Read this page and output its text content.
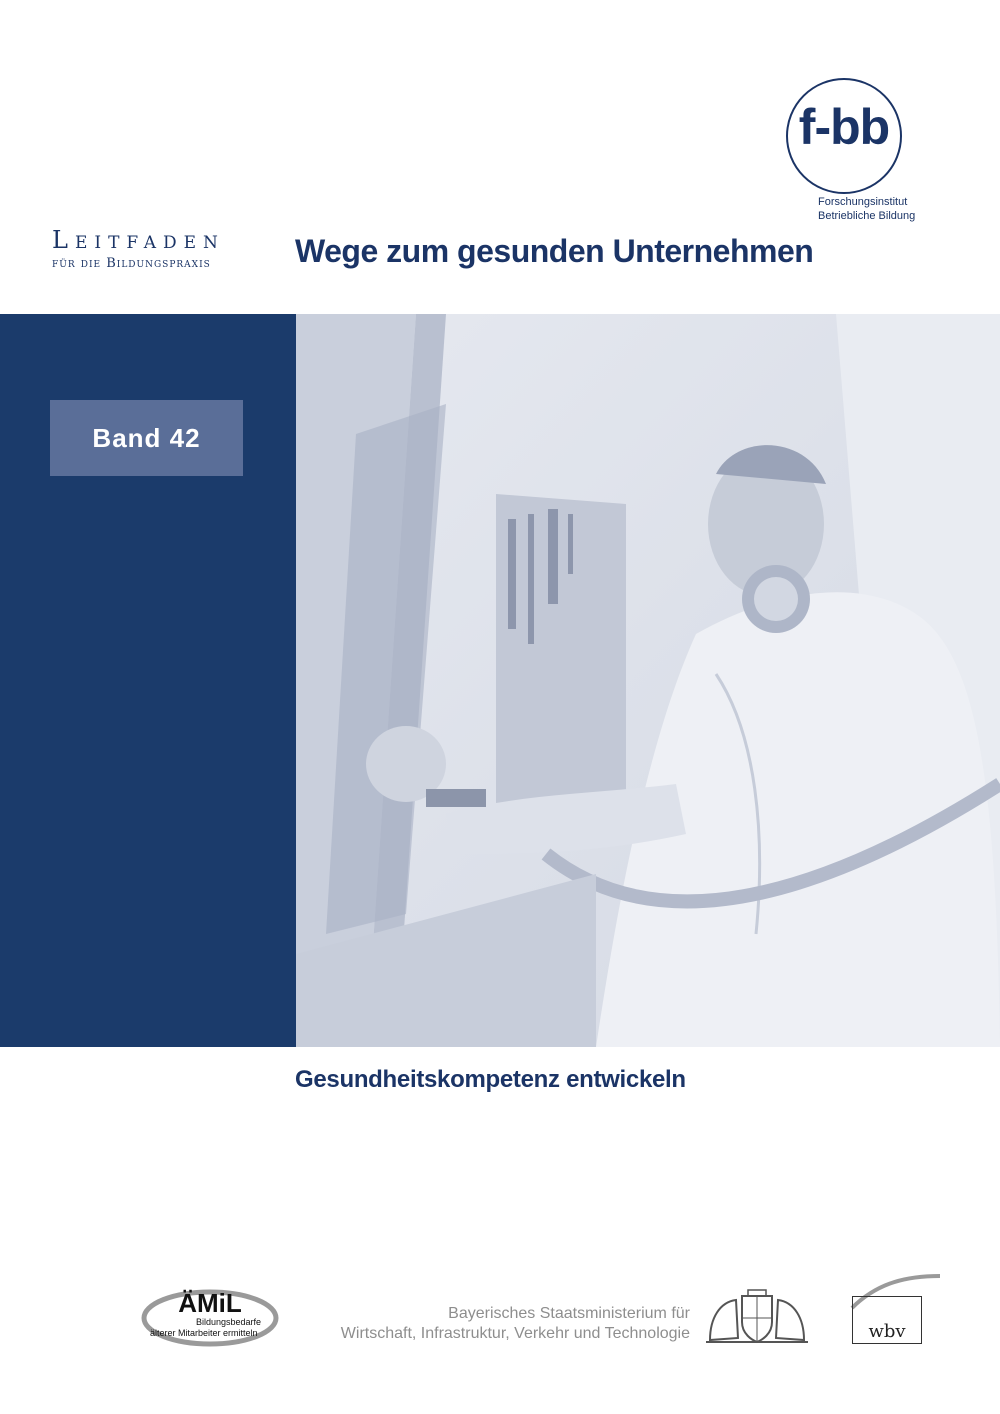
f-bb
Forschungsinstitut
Betriebliche Bildung
Leitfaden
für die Bildungspraxis	Wege zum gesunden Unternehmen
Band 42
Gesundheitskompetenz entwickeln
ÄMiL
Bildungsbedarfe
älterer Mitarbeiter ermitteln
Bayerisches Staatsministerium für
Wirtschaft, Infrastruktur, Verkehr und Technologie	wbv
